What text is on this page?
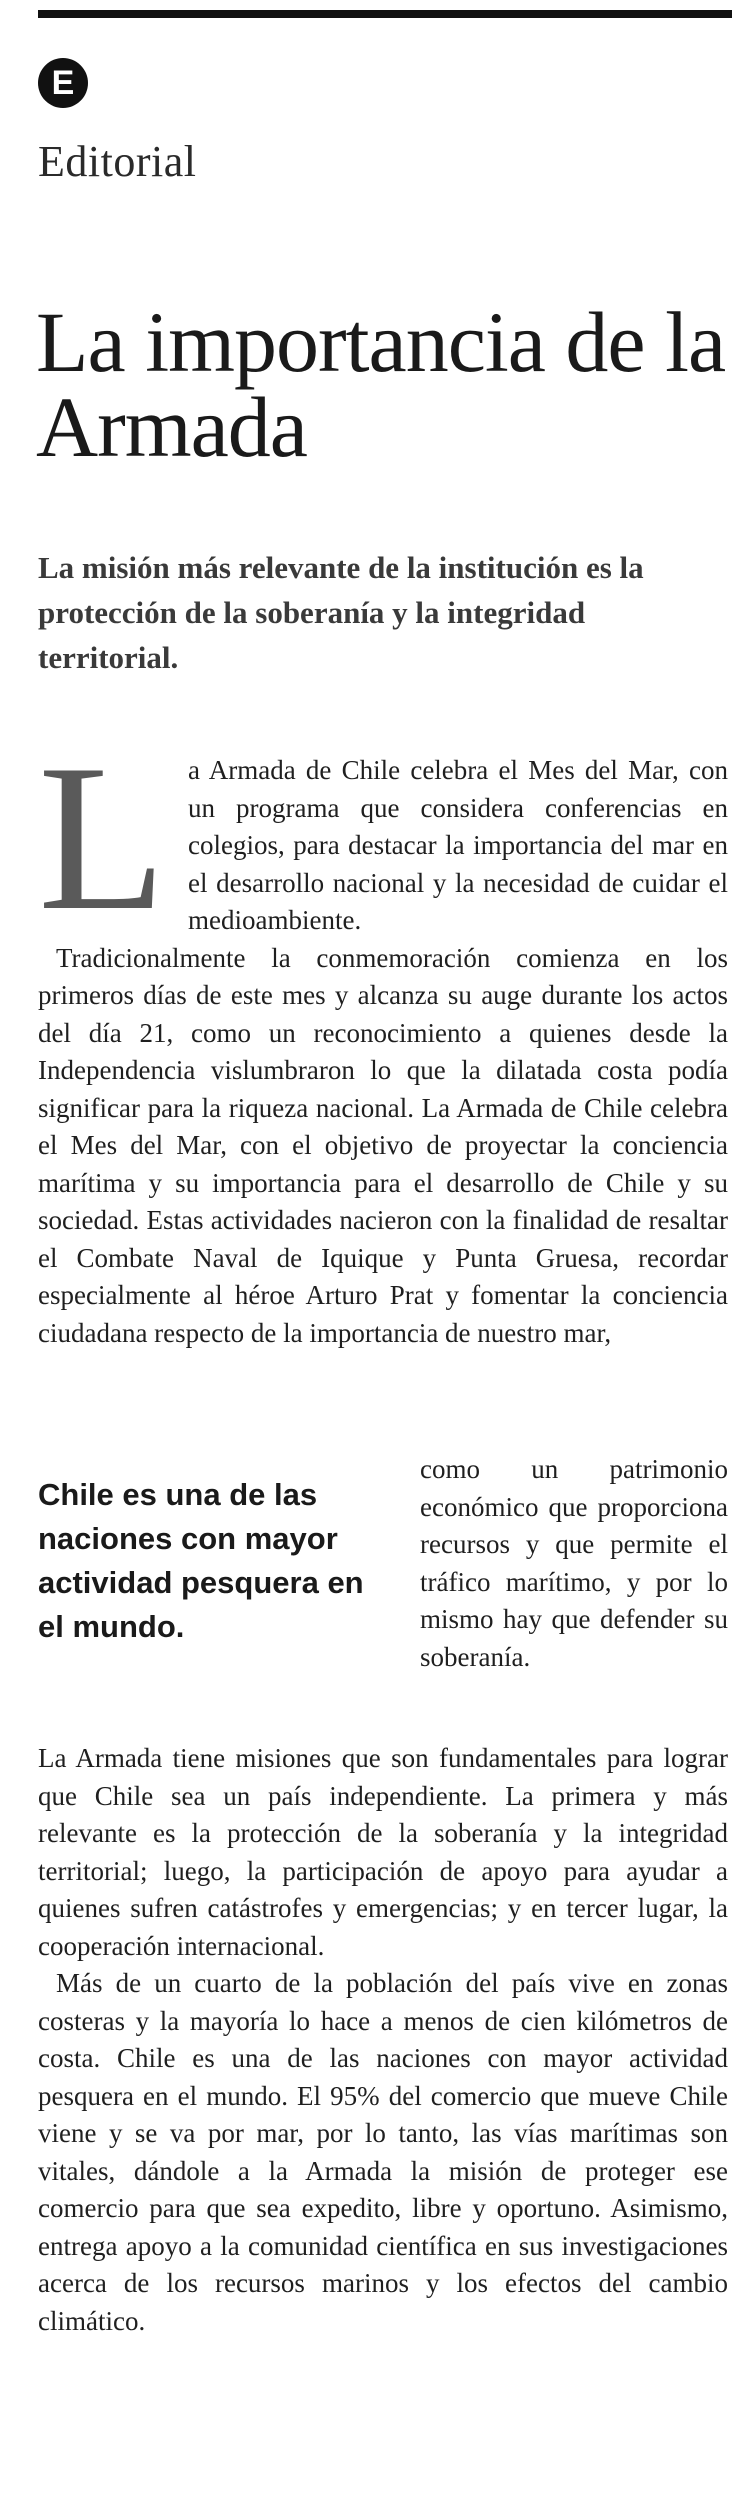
E
Editorial
La importancia de la Armada

La misión más relevante de la institución es la protección de la soberanía y la integridad territorial.

L a Armada de Chile celebra el Mes del Mar, con un programa que considera conferencias en colegios, para destacar la importancia del mar en el desarrollo nacional y la necesidad de cuidar el medioambiente.

Tradicionalmente la conmemoración comienza en los primeros días de este mes y alcanza su auge durante los actos del día 21, como un reconocimiento a quienes desde la Independencia vislumbraron lo que la dilatada costa podía significar para la riqueza nacional. La Armada de Chile celebra el Mes del Mar, con el objetivo de proyectar la conciencia marítima y su importancia para el desarrollo de Chile y su sociedad. Estas actividades nacieron con la finalidad de resaltar el Combate Naval de Iquique y Punta Gruesa, recordar especialmente al héroe Arturo Prat y fomentar la conciencia ciudadana respecto de la importancia de nuestro mar,

Chile es una de las naciones con mayor actividad pesquera en el mundo.

como un patrimonio económico que proporciona recursos y que permite el tráfico marítimo, y por lo mismo hay que defender su soberanía.

La Armada tiene misiones que son fundamentales para lograr que Chile sea un país independiente. La primera y más relevante es la protección de la soberanía y la integridad territorial; luego, la participación de apoyo para ayudar a quienes sufren catástrofes y emergencias; y en tercer lugar, la cooperación internacional.

Más de un cuarto de la población del país vive en zonas costeras y la mayoría lo hace a menos de cien kilómetros de costa. Chile es una de las naciones con mayor actividad pesquera en el mundo. El 95% del comercio que mueve Chile viene y se va por mar, por lo tanto, las vías marítimas son vitales, dándole a la Armada la misión de proteger ese comercio para que sea expedito, libre y oportuno. Asimismo, entrega apoyo a la comunidad científica en sus investigaciones acerca de los recursos marinos y los efectos del cambio climático.
